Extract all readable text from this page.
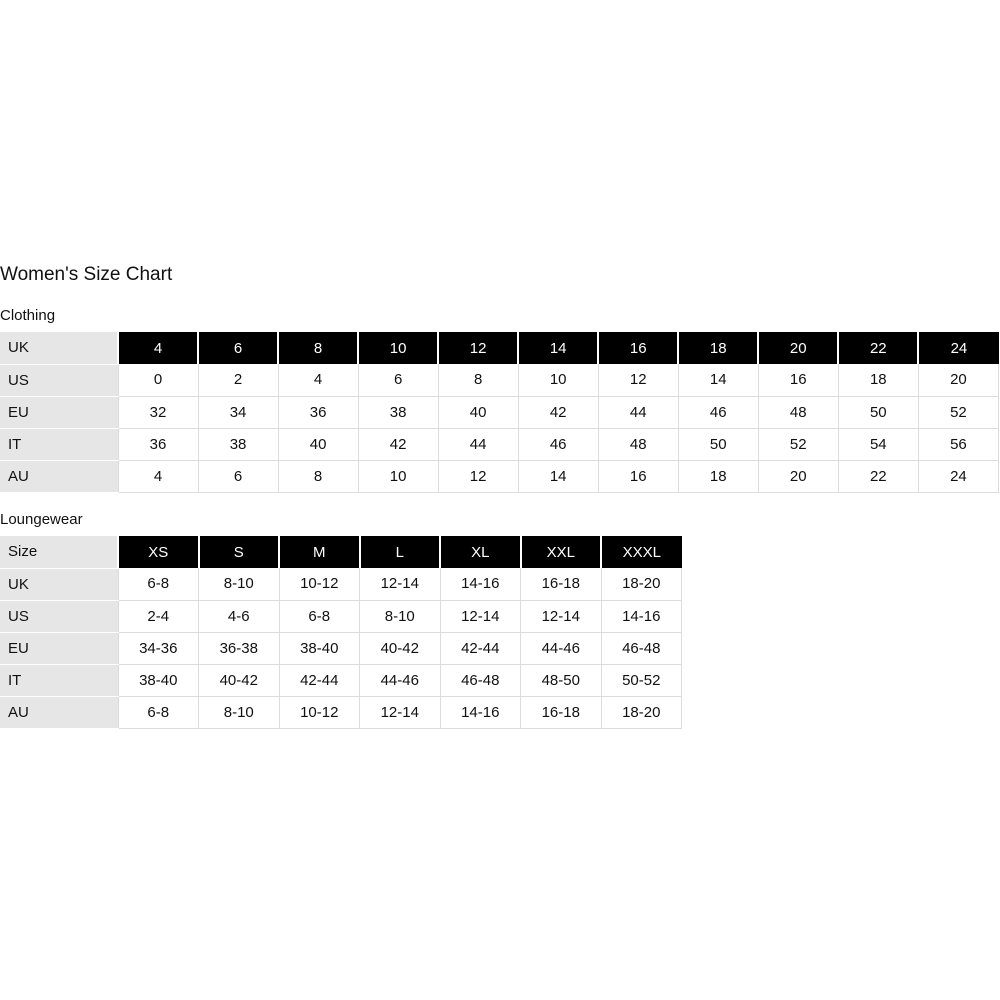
Women's Size Chart
Clothing
UK	4	6	8	10	12	14	16	18	20	22	24
US	0	2	4	6	8	10	12	14	16	18	20
EU	32	34	36	38	40	42	44	46	48	50	52
IT	36	38	40	42	44	46	48	50	52	54	56
AU	4	6	8	10	12	14	16	18	20	22	24
Loungewear
Size	XS	S	M	L	XL	XXL	XXXL
UK	6-8	8-10	10-12	12-14	14-16	16-18	18-20
US	2-4	4-6	6-8	8-10	12-14	12-14	14-16
EU	34-36	36-38	38-40	40-42	42-44	44-46	46-48
IT	38-40	40-42	42-44	44-46	46-48	48-50	50-52
AU	6-8	8-10	10-12	12-14	14-16	16-18	18-20
